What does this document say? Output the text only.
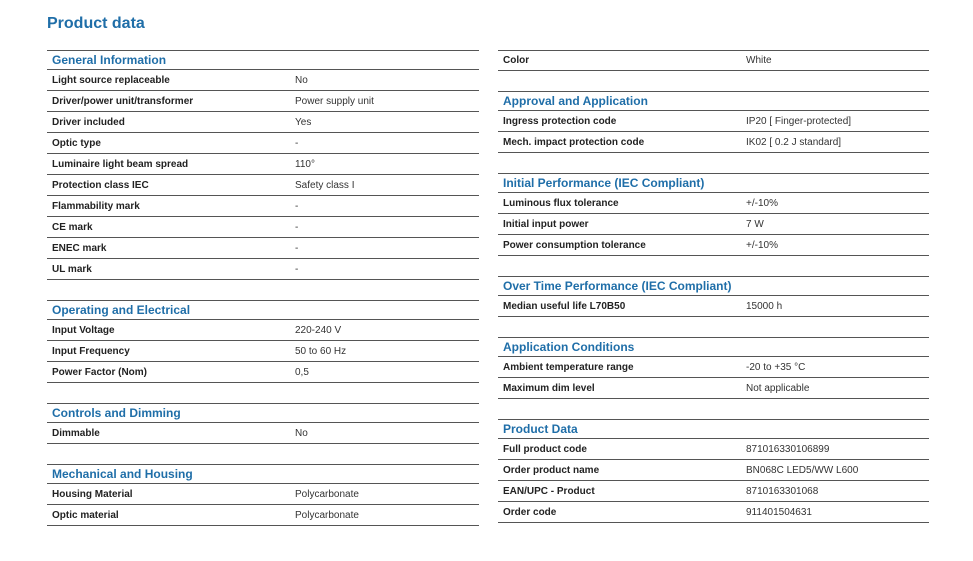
Product data
General Information
Light source replaceable	No
Driver/power unit/transformer	Power supply unit
Driver included	Yes
Optic type	-
Luminaire light beam spread	110°
Protection class IEC	Safety class I
Flammability mark	-
CE mark	-
ENEC mark	-
UL mark	-
Operating and Electrical
Input Voltage	220-240 V
Input Frequency	50 to 60 Hz
Power Factor (Nom)	0,5
Controls and Dimming
Dimmable	No
Mechanical and Housing
Housing Material	Polycarbonate
Optic material	Polycarbonate
Color	White
Approval and Application
Ingress protection code	IP20 [ Finger-protected]
Mech. impact protection code	IK02 [ 0.2 J standard]
Initial Performance (IEC Compliant)
Luminous flux tolerance	+/-10%
Initial input power	7 W
Power consumption tolerance	+/-10%
Over Time Performance (IEC Compliant)
Median useful life L70B50	15000 h
Application Conditions
Ambient temperature range	-20 to +35 °C
Maximum dim level	Not applicable
Product Data
Full product code	871016330106899
Order product name	BN068C LED5/WW L600
EAN/UPC - Product	8710163301068
Order code	911401504631
